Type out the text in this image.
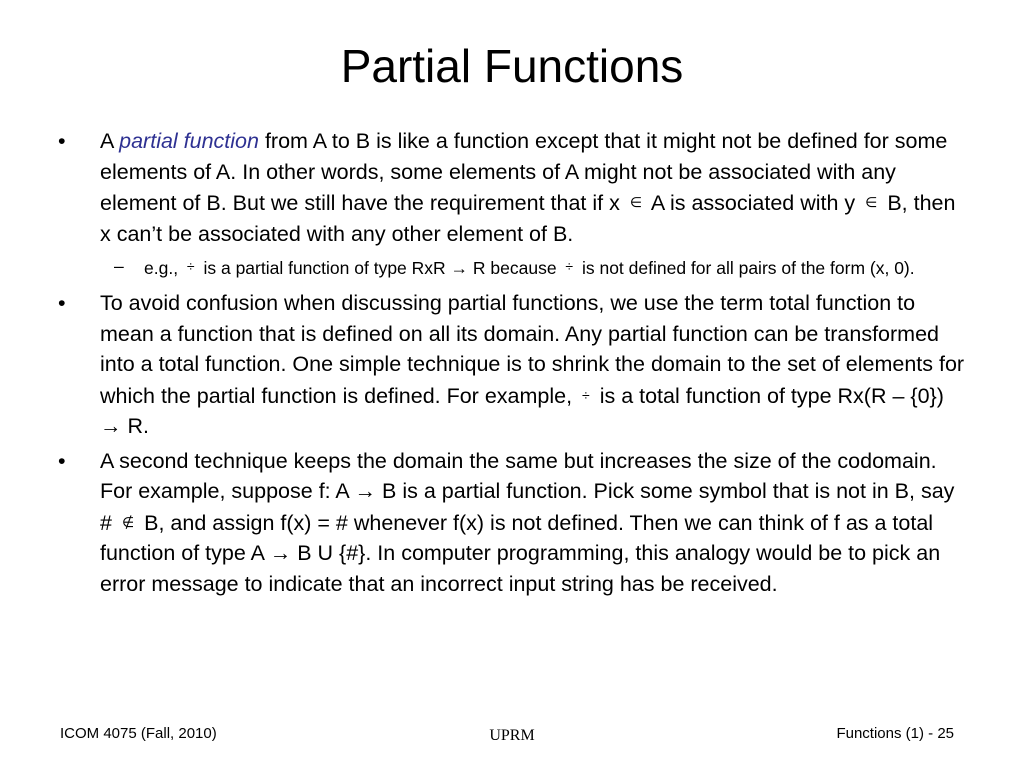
Partial Functions
•	A partial function from A to B is like a function except that it might not be defined for some elements of A. In other words, some elements of A might not be associated with any element of B. But we still have the requirement that if x ∈ A is associated with y ∈ B, then x can’t be associated with any other element of B.
– e.g., ÷ is a partial function of type RxR → R because ÷ is not defined for all pairs of the form (x, 0).
•	To avoid confusion when discussing partial functions, we use the term total function to mean a function that is defined on all its domain. Any partial function can be transformed into a total function. One simple technique is to shrink the domain to the set of elements for which the partial function is defined. For example, ÷ is a total function of type Rx(R – {0}) → R.
•	A second technique keeps the domain the same but increases the size of the codomain. For example, suppose f: A → B is a partial function. Pick some symbol that is not in B, say # ∉ B, and assign f(x) = # whenever f(x) is not defined. Then we can think of f as a total function of type A → B U {#}. In computer programming, this analogy would be to pick an error message to indicate that an incorrect input string has be received.
ICOM 4075 (Fall, 2010)	UPRM	Functions (1) - 25
